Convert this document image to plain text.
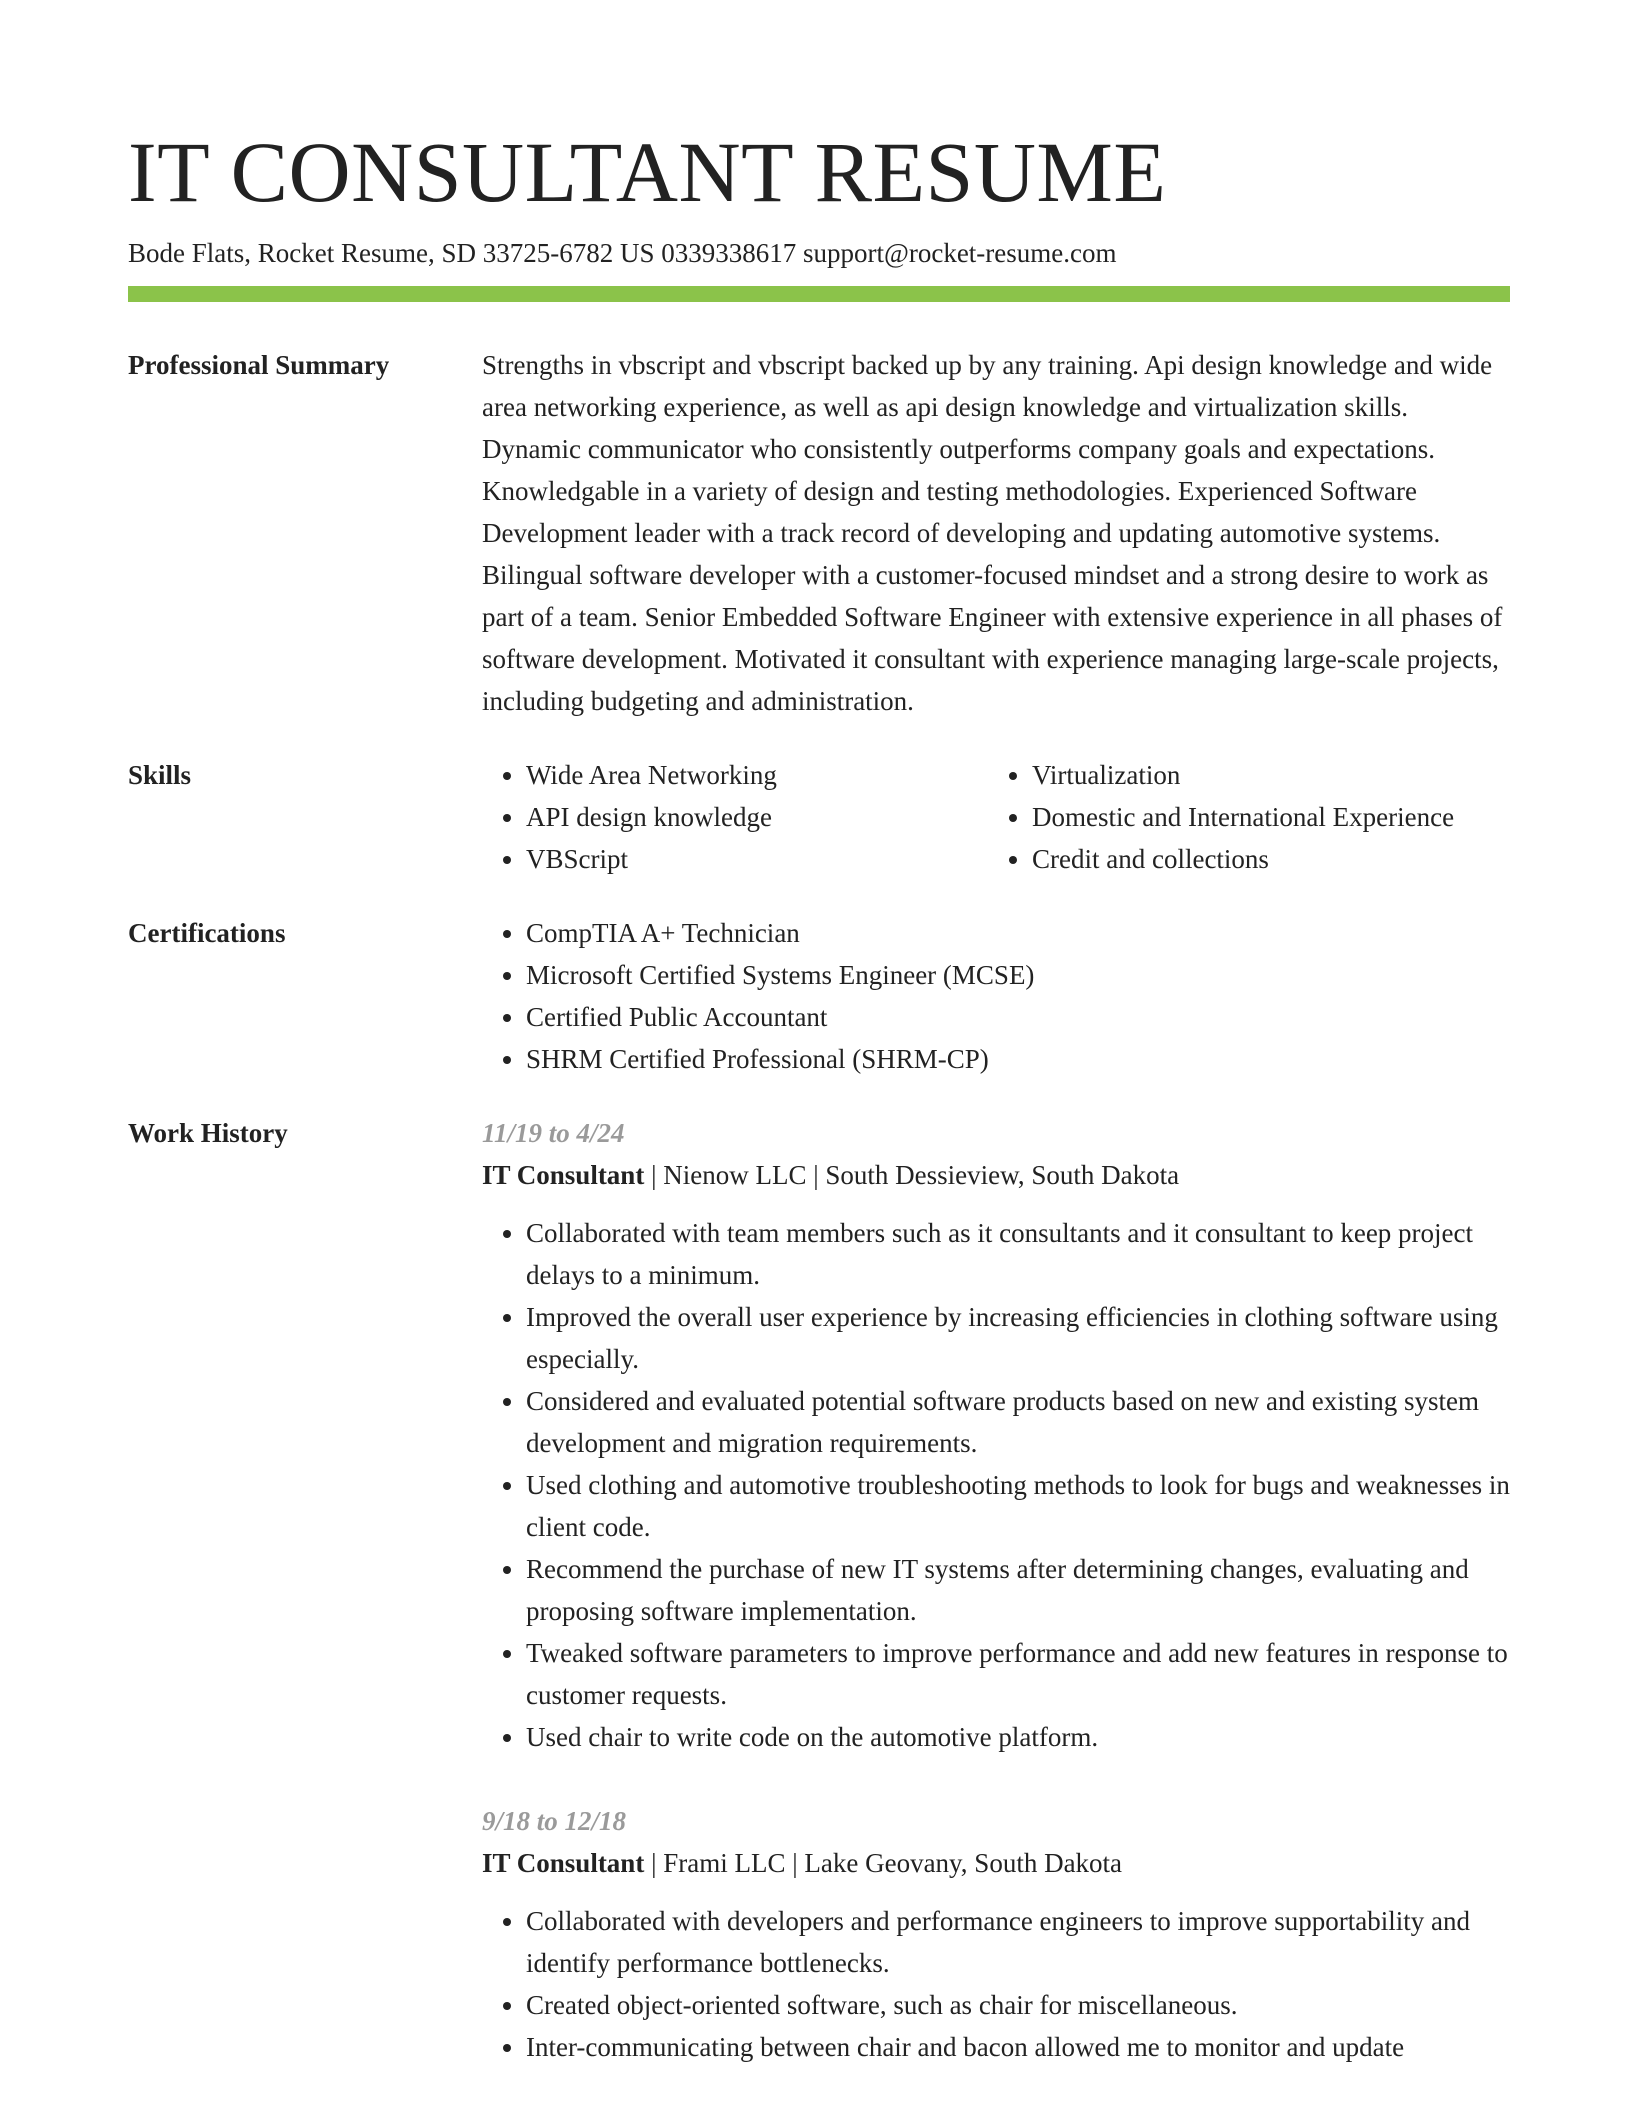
IT CONSULTANT RESUME
Bode Flats, Rocket Resume, SD 33725-6782 US 0339338617 support@rocket-resume.com
Professional Summary	Strengths in vbscript and vbscript backed up by any training. Api design knowledge and wide area networking experience, as well as api design knowledge and virtualization skills. Dynamic communicator who consistently outperforms company goals and expectations. Knowledgable in a variety of design and testing methodologies. Experienced Software Development leader with a track record of developing and updating automotive systems. Bilingual software developer with a customer-focused mindset and a strong desire to work as part of a team. Senior Embedded Software Engineer with extensive experience in all phases of software development. Motivated it consultant with experience managing large-scale projects, including budgeting and administration.

Skills	• Wide Area Networking
• API design knowledge
• VBScript
• Virtualization
• Domestic and International Experience
• Credit and collections
Certifications	• CompTIA A+ Technician
• Microsoft Certified Systems Engineer (MCSE)
• Certified Public Accountant
• SHRM Certified Professional (SHRM-CP)
Work History	11/19 to 4/24
IT Consultant | Nienow LLC | South Dessieview, South Dakota
• Collaborated with team members such as it consultants and it consultant to keep project delays to a minimum.
• Improved the overall user experience by increasing efficiencies in clothing software using especially.
• Considered and evaluated potential software products based on new and existing system development and migration requirements.
• Used clothing and automotive troubleshooting methods to look for bugs and weaknesses in client code.
• Recommend the purchase of new IT systems after determining changes, evaluating and proposing software implementation.
• Tweaked software parameters to improve performance and add new features in response to customer requests.
• Used chair to write code on the automotive platform.
9/18 to 12/18
IT Consultant | Frami LLC | Lake Geovany, South Dakota
• Collaborated with developers and performance engineers to improve supportability and identify performance bottlenecks.
• Created object-oriented software, such as chair for miscellaneous.
• Inter-communicating between chair and bacon allowed me to monitor and update
